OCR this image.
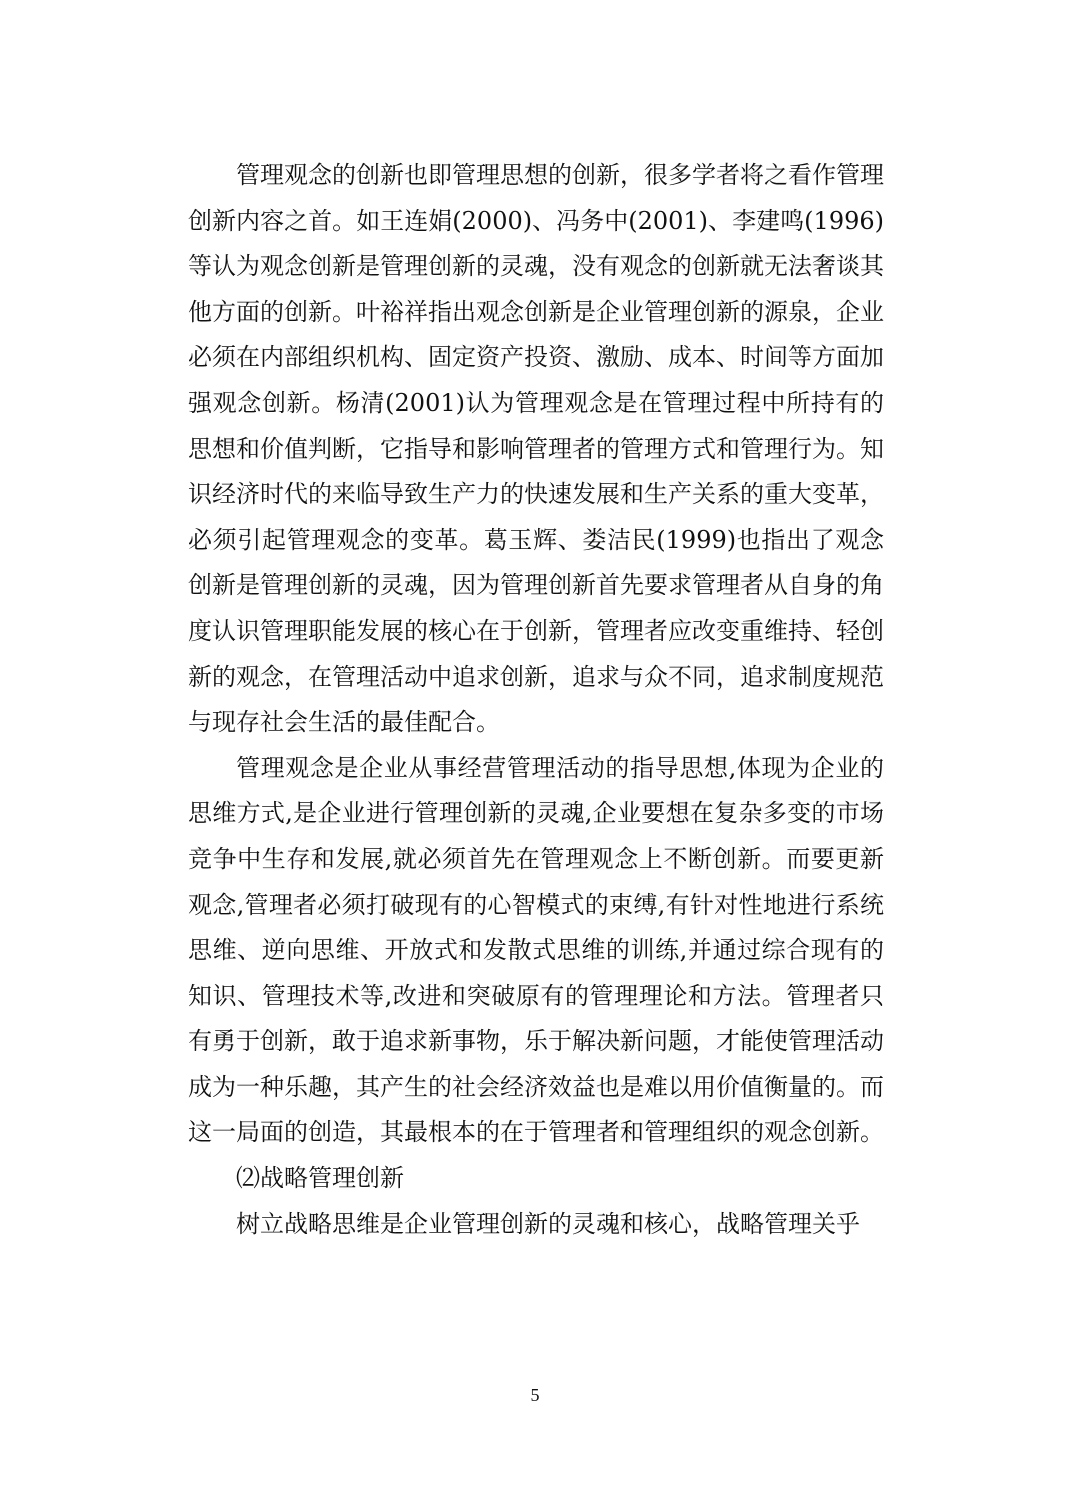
管理观念的创新也即管理思想的创新，很多学者将之看作管理创新内容之首。如王连娟(2000)、冯务中(2001)、李建鸣(1996)等认为观念创新是管理创新的灵魂，没有观念的创新就无法奢谈其他方面的创新。叶裕祥指出观念创新是企业管理创新的源泉，企业必须在内部组织机构、固定资产投资、激励、成本、时间等方面加强观念创新。杨清(2001)认为管理观念是在管理过程中所持有的思想和价值判断，它指导和影响管理者的管理方式和管理行为。知识经济时代的来临导致生产力的快速发展和生产关系的重大变革，必须引起管理观念的变革。葛玉辉、娄洁民(1999)也指出了观念创新是管理创新的灵魂，因为管理创新首先要求管理者从自身的角度认识管理职能发展的核心在于创新，管理者应改变重维持、轻创新的观念，在管理活动中追求创新，追求与众不同，追求制度规范与现存社会生活的最佳配合。

管理观念是企业从事经营管理活动的指导思想,体现为企业的思维方式,是企业进行管理创新的灵魂,企业要想在复杂多变的市场竞争中生存和发展,就必须首先在管理观念上不断创新。而要更新观念,管理者必须打破现有的心智模式的束缚,有针对性地进行系统思维、逆向思维、开放式和发散式思维的训练,并通过综合现有的知识、管理技术等,改进和突破原有的管理理论和方法。管理者只有勇于创新，敢于追求新事物，乐于解决新问题，才能使管理活动成为一种乐趣，其产生的社会经济效益也是难以用价值衡量的。而这一局面的创造，其最根本的在于管理者和管理组织的观念创新。

⑵战略管理创新

树立战略思维是企业管理创新的灵魂和核心，战略管理关乎

5
